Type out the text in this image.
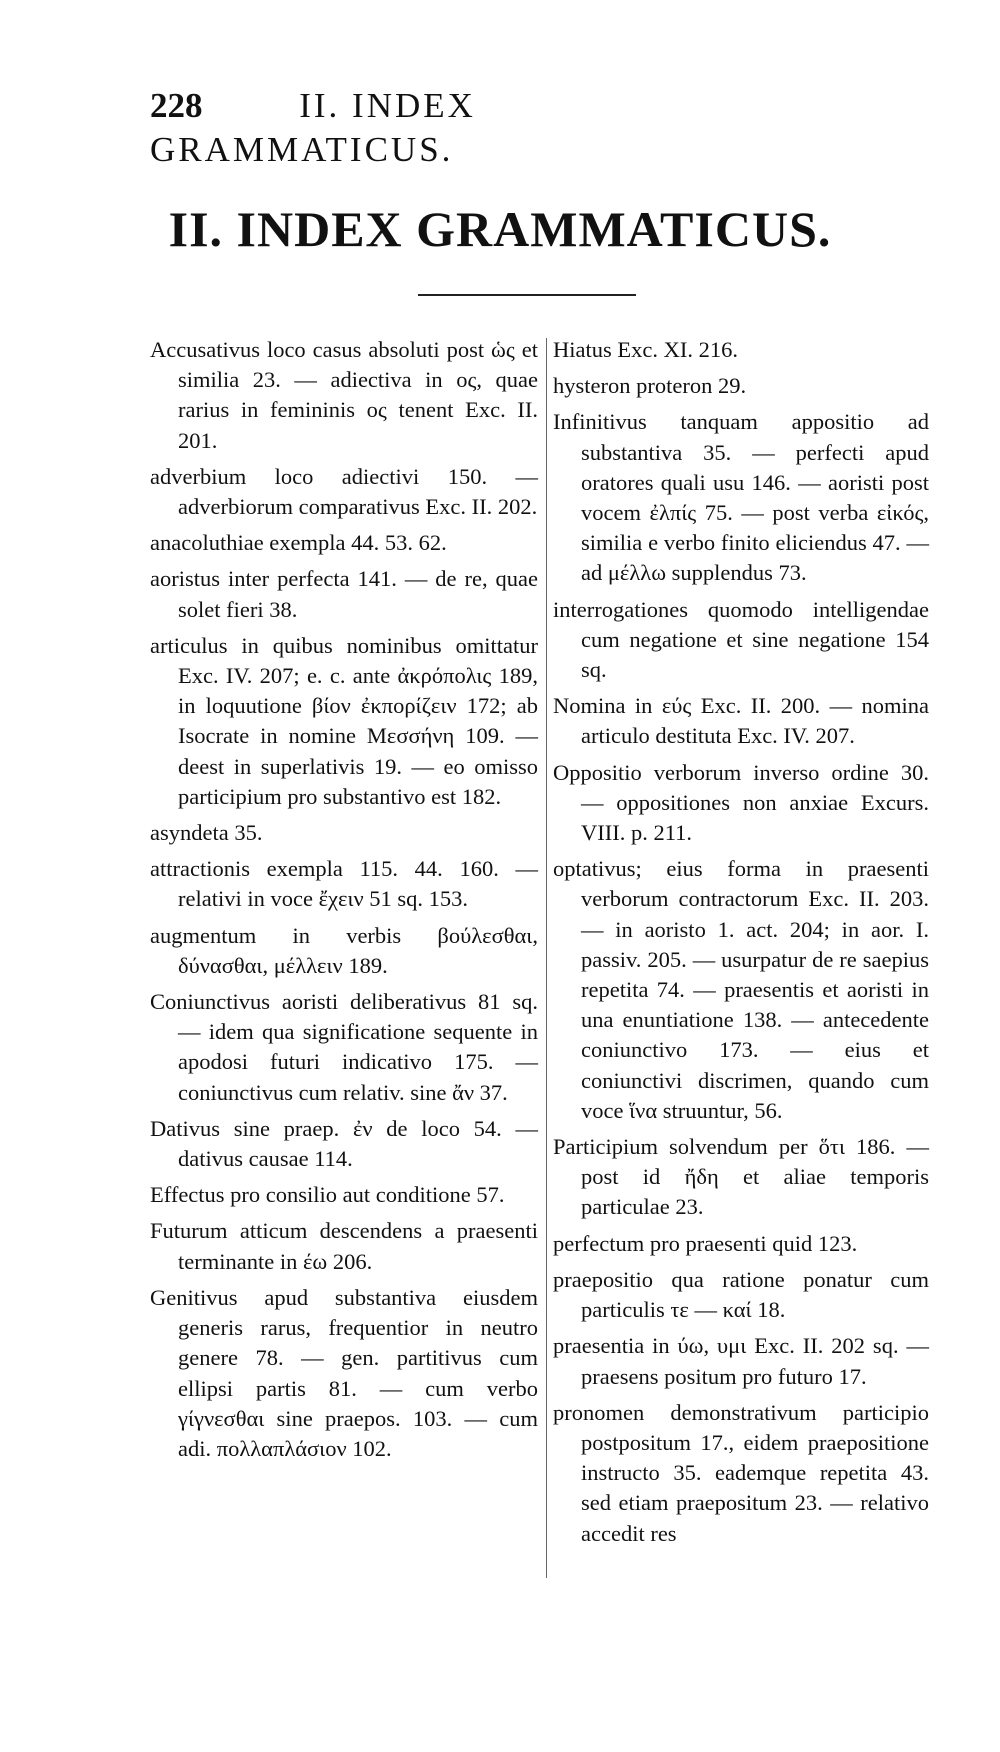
228	II. INDEX GRAMMATICUS.
II. INDEX GRAMMATICUS.

Accusativus loco casus absoluti post ὡς et similia 23. — adiectiva in ος, quae rarius in femininis ος tenent Exc. II. 201.

adverbium loco adiectivi 150. — adverbiorum comparativus Exc. II. 202.

anacoluthiae exempla 44. 53. 62.

aoristus inter perfecta 141. — de re, quae solet fieri 38.

articulus in quibus nominibus omittatur Exc. IV. 207; e. c. ante ἀκρόπολις 189, in loquutione βίον ἐκπορίζειν 172; ab Isocrate in nomine Μεσσήνη 109. — deest in superlativis 19. — eo omisso participium pro substantivo est 182.

asyndeta 35.

attractionis exempla 115. 44. 160. — relativi in voce ἔχειν 51 sq. 153.

augmentum in verbis βούλεσθαι, δύνασθαι, μέλλειν 189.

Coniunctivus aoristi deliberativus 81 sq. — idem qua significatione sequente in apodosi futuri indicativo 175. — coniunctivus cum relativ. sine ἄν 37.

Dativus sine praep. ἐν de loco 54. — dativus causae 114.

Effectus pro consilio aut conditione 57.

Futurum atticum descendens a praesenti terminante in έω 206.

Genitivus apud substantiva eiusdem generis rarus, frequentior in neutro genere 78. — gen. partitivus cum ellipsi partis 81. — cum verbo γίγνεσθαι sine praepos. 103. — cum adi. πολλαπλάσιον 102.

Hiatus Exc. XI. 216.

hysteron proteron 29.

Infinitivus tanquam appositio ad substantiva 35. — perfecti apud oratores quali usu 146. — aoristi post vocem ἐλπίς 75. — post verba εἰκός, similia e verbo finito eliciendus 47. — ad μέλλω supplendus 73.

interrogationes quomodo intelligendae cum negatione et sine negatione 154 sq.

Nomina in εύς Exc. II. 200. — nomina articulo destituta Exc. IV. 207.

Oppositio verborum inverso ordine 30. — oppositiones non anxiae Excurs. VIII. p. 211.

optativus; eius forma in praesenti verborum contractorum Exc. II. 203. — in aoristo 1. act. 204; in aor. I. passiv. 205. — usurpatur de re saepius repetita 74. — praesentis et aoristi in una enuntiatione 138. — antecedente coniunctivo 173. — eius et coniunctivi discrimen, quando cum voce ἵνα struuntur, 56.

Participium solvendum per ὅτι 186. — post id ἤδη et aliae temporis particulae 23.

perfectum pro praesenti quid 123.

praepositio qua ratione ponatur cum particulis τε — καί 18.

praesentia in ύω, υμι Exc. II. 202 sq. — praesens positum pro futuro 17.

pronomen demonstrativum participio postpositum 17., eidem praepositione instructo 35. eademque repetita 43. sed etiam praepositum 23. — relativo accedit res
